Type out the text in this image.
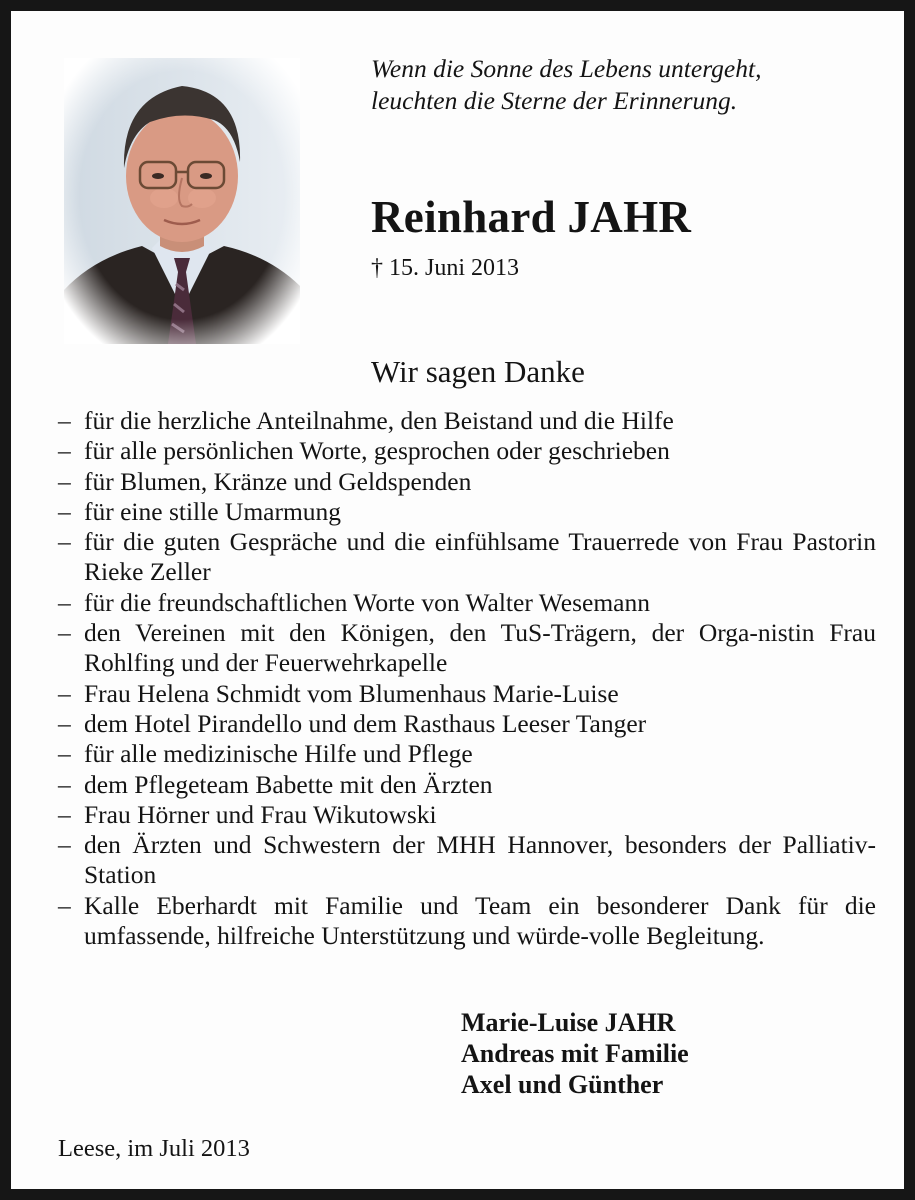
Wenn die Sonne des Lebens untergeht,
leuchten die Sterne der Erinnerung.
Reinhard JAHR
† 15. Juni 2013
Wir sagen Danke
– für die herzliche Anteilnahme, den Beistand und die Hilfe
– für alle persönlichen Worte, gesprochen oder geschrieben
– für Blumen, Kränze und Geldspenden
– für eine stille Umarmung
– für die guten Gespräche und die einfühlsame Trauerrede von Frau Pastorin Rieke Zeller
– für die freundschaftlichen Worte von Walter Wesemann
– den Vereinen mit den Königen, den TuS-Trägern, der Orga-nistin Frau Rohlfing und der Feuerwehrkapelle
– Frau Helena Schmidt vom Blumenhaus Marie-Luise
– dem Hotel Pirandello und dem Rasthaus Leeser Tanger
– für alle medizinische Hilfe und Pflege
– dem Pflegeteam Babette mit den Ärzten
– Frau Hörner und Frau Wikutowski
– den Ärzten und Schwestern der MHH Hannover, besonders der Palliativ-Station
– Kalle Eberhardt mit Familie und Team ein besonderer Dank für die umfassende, hilfreiche Unterstützung und würde-volle Begleitung.
Marie-Luise JAHR
Andreas mit Familie
Axel und Günther
Leese, im Juli 2013
